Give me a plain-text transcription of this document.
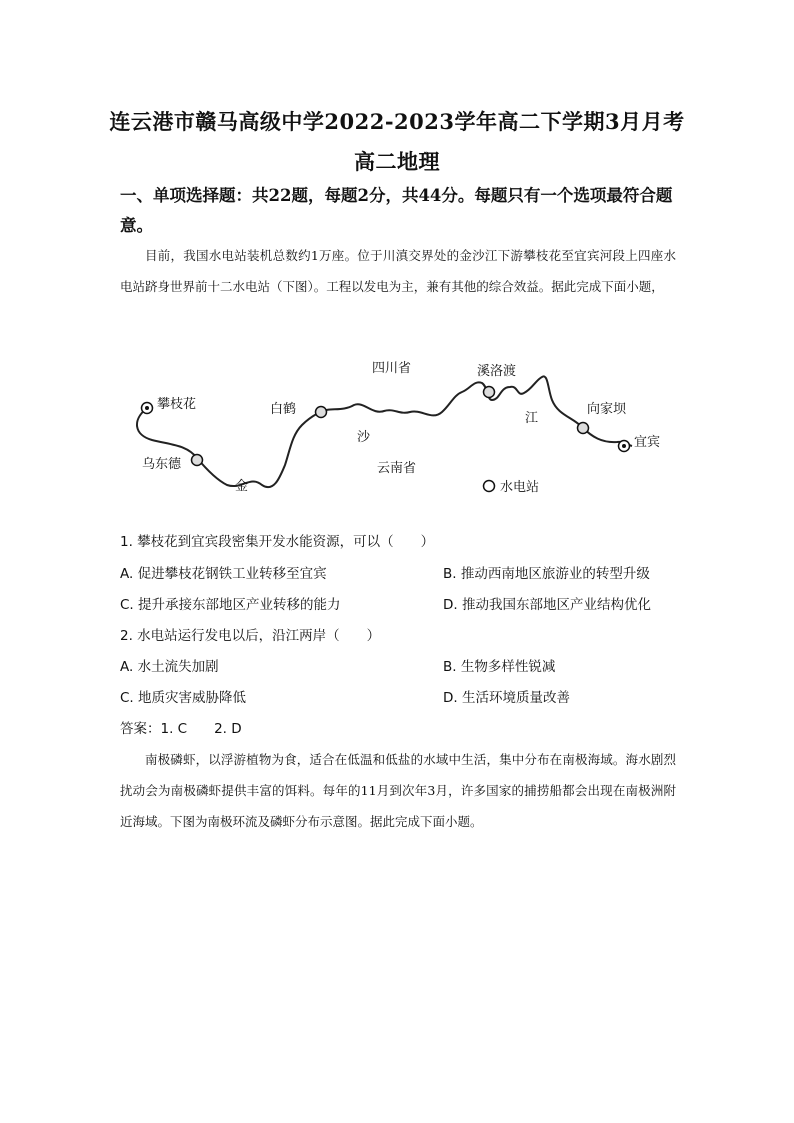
连云港市赣马高级中学2022-2023学年高二下学期3月月考
高二地理
一、单项选择题：共22题，每题2分，共44分。每题只有一个选项最符合题意。
目前，我国水电站装机总数约1万座。位于川滇交界处的金沙江下游攀枝花至宜宾河段上四座水电站跻身世界前十二水电站（下图）。工程以发电为主，兼有其他的综合效益。据此完成下面小题，
攀枝花
乌东德
白鹤
四川省	溪洛渡
向家坝
宜宾
云南省
金
沙
江
水电站
1. 攀枝花到宜宾段密集开发水能资源，可以（　　）
A. 促进攀枝花钢铁工业转移至宜宾	B. 推动西南地区旅游业的转型升级
C. 提升承接东部地区产业转移的能力	D. 推动我国东部地区产业结构优化
2. 水电站运行发电以后，沿江两岸（　　）
A. 水土流失加剧	B. 生物多样性锐减
C. 地质灾害威胁降低	D. 生活环境质量改善
答案：1. C　　2. D
南极磷虾，以浮游植物为食，适合在低温和低盐的水域中生活，集中分布在南极海域。海水剧烈扰动会为南极磷虾提供丰富的饵料。每年的11月到次年3月，许多国家的捕捞船都会出现在南极洲附近海域。下图为南极环流及磷虾分布示意图。据此完成下面小题。
